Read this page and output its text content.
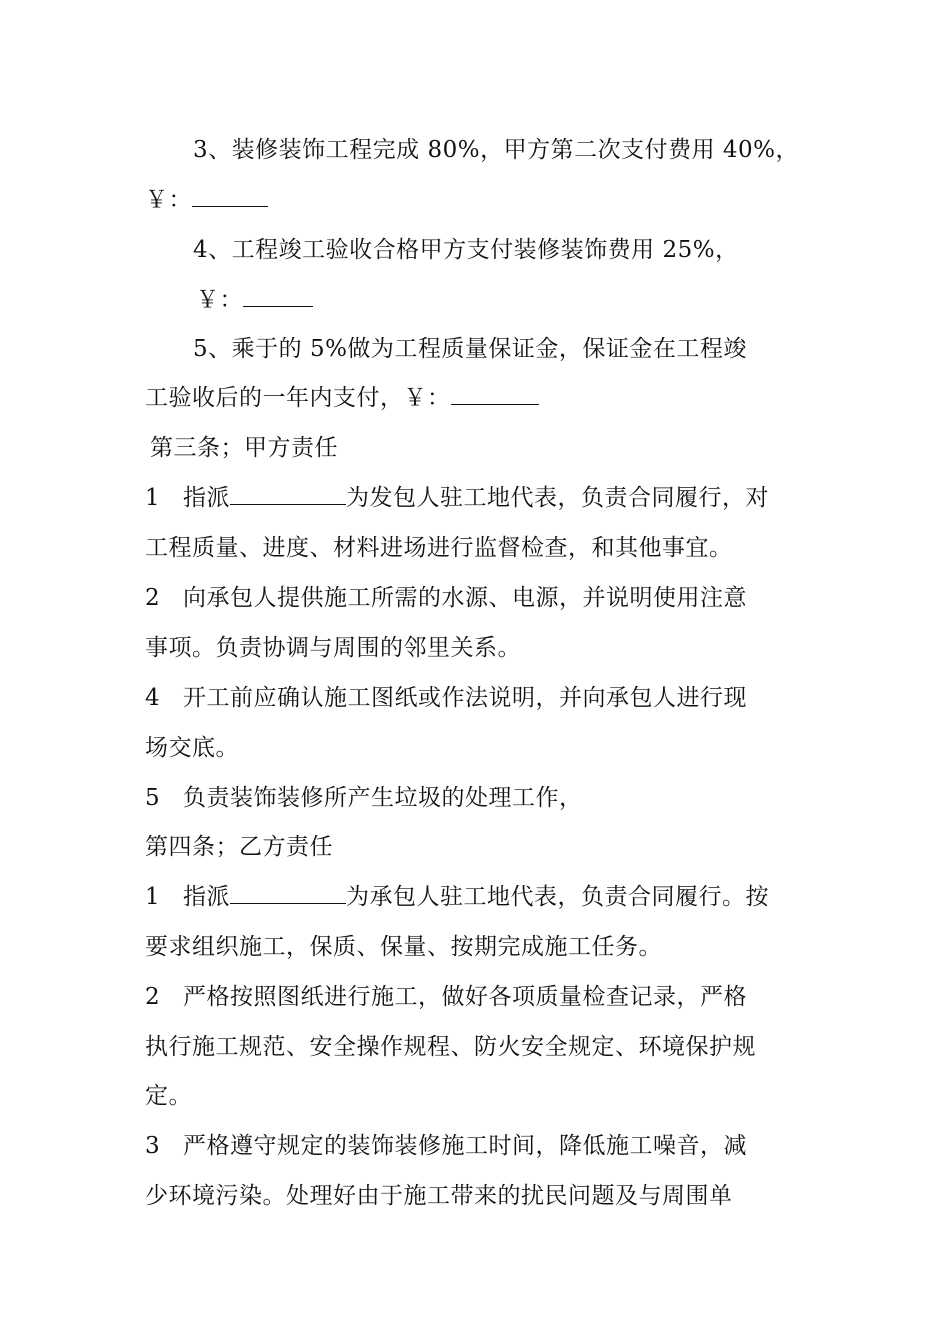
3、装修装饰工程完成 80%，甲方第二次支付费用 40%，
￥：
4、工程竣工验收合格甲方支付装修装饰费用 25%，
￥：
5、乘于的 5%做为工程质量保证金，保证金在工程竣
工验收后的一年内支付，￥：
第三条；甲方责任
1 指派	为发包人驻工地代表，负责合同履行，对
工程质量、进度、材料进场进行监督检查，和其他事宜。
2 向承包人提供施工所需的水源、电源，并说明使用注意
事项。负责协调与周围的邻里关系。
4 开工前应确认施工图纸或作法说明，并向承包人进行现
场交底。
5 负责装饰装修所产生垃圾的处理工作，
第四条；乙方责任
1 指派	为承包人驻工地代表，负责合同履行。按
要求组织施工，保质、保量、按期完成施工任务。
2 严格按照图纸进行施工，做好各项质量检查记录，严格
执行施工规范、安全操作规程、防火安全规定、环境保护规
定。
3 严格遵守规定的装饰装修施工时间，降低施工噪音，减
少环境污染。处理好由于施工带来的扰民问题及与周围单
